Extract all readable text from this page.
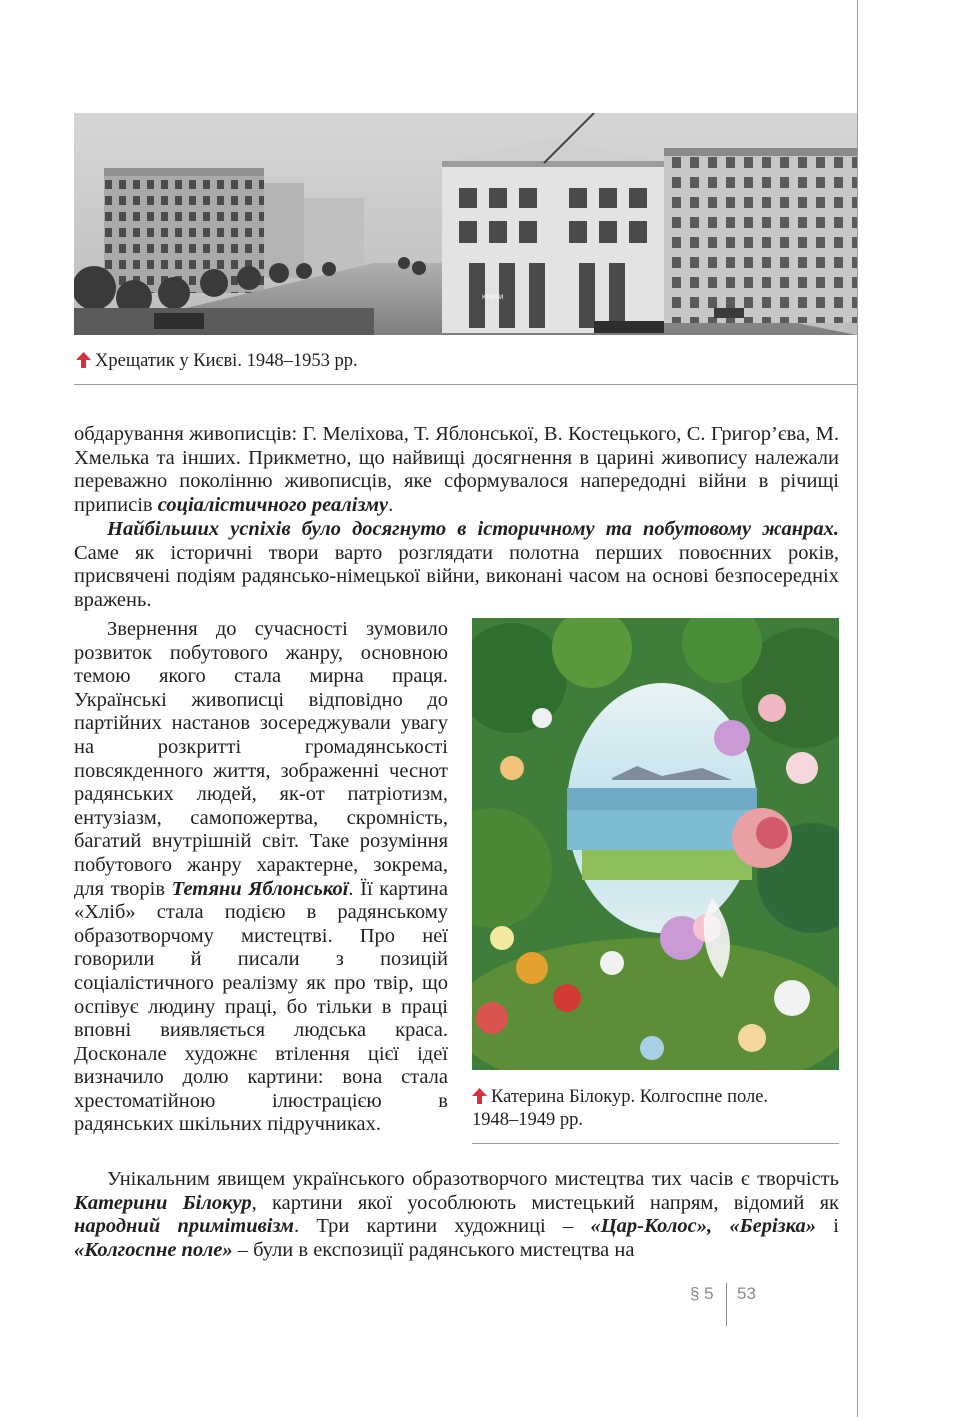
КНИГИ
Хрещатик у Києві. 1948–1953 рр.

обдарування живописців: Г. Меліхова, Т. Яблонської, В. Костецького, С. Григор’єва, М. Хмелька та інших. Прикметно, що найвищі досягнення в царині живопису належали переважно поколінню живописців, яке сформувалося напередодні війни в річищі приписів соціалістичного реалізму.

Найбільших успіхів було досягнуто в історичному та побутовому жанрах. Саме як історичні твори варто розглядати полотна перших повоєнних років, присвячені подіям радянсько-німецької війни, виконані часом на основі безпосередніх вражень.

Звернення до сучасності зумовило розвиток побутового жанру, основною темою якого стала мирна праця. Українські живописці відповідно до партійних настанов зосереджували увагу на розкритті громадянськості повсякденного життя, зображенні чеснот радянських людей, як-от патріотизм, ентузіазм, самопожертва, скромність, багатий внутрішній світ. Таке розуміння побутового жанру характерне, зокрема, для творів Тетяни Яблонської. Її картина «Хліб» стала подією в радянському образотворчому мистецтві. Про неї говорили й писали з позицій соціалістичного реалізму як про твір, що оспівує людину праці, бо тільки в праці вповні виявляється людська краса. Досконале художнє втілення цієї ідеї визначило долю картини: вона стала хрестоматійною ілюстрацією в радянських шкільних підручниках.

Катерина Білокур. Колгоспне поле.
1948–1949 рр.

Унікальним явищем українського образотворчого мистецтва тих часів є творчість Катерини Білокур, картини якої уособлюють мистецький напрям, відомий як народний примітивізм. Три картини художниці – «Цар-Колос», «Берізка» і «Колгоспне поле» – були в експозиції радянського мистецтва на

§ 5 53
